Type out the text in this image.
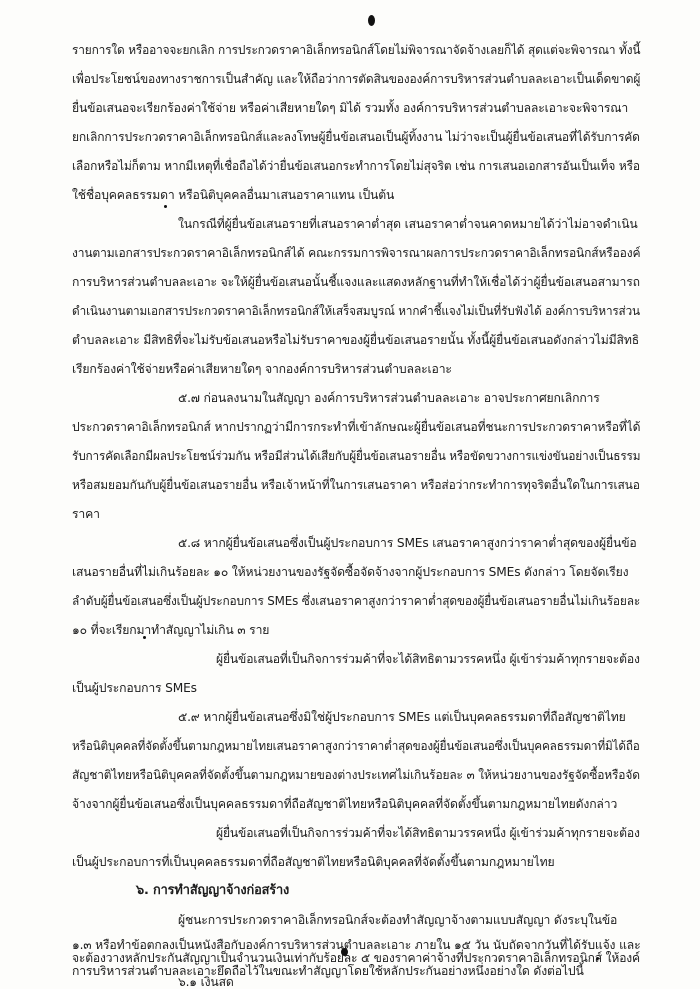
รายการใด หรืออาจจะยกเลิก การประกวดราคาอิเล็กทรอนิกส์โดยไม่พิจารณาจัดจ้างเลยก็ได้ สุดแต่จะพิจารณา ทั้งนี้
เพื่อประโยชน์ของทางราชการเป็นสำคัญ และให้ถือว่าการตัดสินขององค์การบริหารส่วนตำบลละเอาะเป็นเด็ดขาดผู้
ยื่นข้อเสนอจะเรียกร้องค่าใช้จ่าย หรือค่าเสียหายใดๆ มิได้ รวมทั้ง องค์การบริหารส่วนตำบลละเอาะจะพิจารณา
ยกเลิกการประกวดราคาอิเล็กทรอนิกส์และลงโทษผู้ยื่นข้อเสนอเป็นผู้ทิ้งงาน ไม่ว่าจะเป็นผู้ยื่นข้อเสนอที่ได้รับการคัด
เลือกหรือไม่ก็ตาม หากมีเหตุที่เชื่อถือได้ว่ายื่นข้อเสนอกระทำการโดยไม่สุจริต เช่น การเสนอเอกสารอันเป็นเท็จ หรือ
ใช้ชื่อบุคคลธรรมดา หรือนิติบุคคลอื่นมาเสนอราคาแทน เป็นต้น
ในกรณีที่ผู้ยื่นข้อเสนอรายที่เสนอราคาต่ำสุด เสนอราคาต่ำจนคาดหมายได้ว่าไม่อาจดำเนิน
งานตามเอกสารประกวดราคาอิเล็กทรอนิกส์ได้ คณะกรรมการพิจารณาผลการประกวดราคาอิเล็กทรอนิกส์หรือองค์
การบริหารส่วนตำบลละเอาะ จะให้ผู้ยื่นข้อเสนอนั้นชี้แจงและแสดงหลักฐานที่ทำให้เชื่อได้ว่าผู้ยื่นข้อเสนอสามารถ
ดำเนินงานตามเอกสารประกวดราคาอิเล็กทรอนิกส์ให้เสร็จสมบูรณ์ หากคำชี้แจงไม่เป็นที่รับฟังได้ องค์การบริหารส่วน
ตำบลละเอาะ มีสิทธิที่จะไม่รับข้อเสนอหรือไม่รับราคาของผู้ยื่นข้อเสนอรายนั้น ทั้งนี้ผู้ยื่นข้อเสนอดังกล่าวไม่มีสิทธิ
เรียกร้องค่าใช้จ่ายหรือค่าเสียหายใดๆ จากองค์การบริหารส่วนตำบลละเอาะ
๕.๗ ก่อนลงนามในสัญญา องค์การบริหารส่วนตำบลละเอาะ อาจประกาศยกเลิกการ
ประกวดราคาอิเล็กทรอนิกส์ หากปรากฏว่ามีการกระทำที่เข้าลักษณะผู้ยื่นข้อเสนอที่ชนะการประกวดราคาหรือที่ได้
รับการคัดเลือกมีผลประโยชน์ร่วมกัน หรือมีส่วนได้เสียกับผู้ยื่นข้อเสนอรายอื่น หรือขัดขวางการแข่งขันอย่างเป็นธรรม
หรือสมยอมกันกับผู้ยื่นข้อเสนอรายอื่น หรือเจ้าหน้าที่ในการเสนอราคา หรือส่อว่ากระทำการทุจริตอื่นใดในการเสนอ
ราคา
๕.๘ หากผู้ยื่นข้อเสนอซึ่งเป็นผู้ประกอบการ SMEs เสนอราคาสูงกว่าราคาต่ำสุดของผู้ยื่นข้อ
เสนอรายอื่นที่ไม่เกินร้อยละ ๑๐ ให้หน่วยงานของรัฐจัดซื้อจัดจ้างจากผู้ประกอบการ SMEs ดังกล่าว โดยจัดเรียง
ลำดับผู้ยื่นข้อเสนอซึ่งเป็นผู้ประกอบการ SMEs ซึ่งเสนอราคาสูงกว่าราคาต่ำสุดของผู้ยื่นข้อเสนอรายอื่นไม่เกินร้อยละ
๑๐ ที่จะเรียกมาทำสัญญาไม่เกิน ๓ ราย
ผู้ยื่นข้อเสนอที่เป็นกิจการร่วมค้าที่จะได้สิทธิตามวรรคหนึ่ง ผู้เข้าร่วมค้าทุกรายจะต้อง
เป็นผู้ประกอบการ SMEs
๕.๙ หากผู้ยื่นข้อเสนอซึ่งมิใช่ผู้ประกอบการ SMEs แต่เป็นบุคคลธรรมดาที่ถือสัญชาติไทย
หรือนิติบุคคลที่จัดตั้งขึ้นตามกฎหมายไทยเสนอราคาสูงกว่าราคาต่ำสุดของผู้ยื่นข้อเสนอซึ่งเป็นบุคคลธรรมดาที่มิได้ถือ
สัญชาติไทยหรือนิติบุคคลที่จัดตั้งขึ้นตามกฎหมายของต่างประเทศไม่เกินร้อยละ ๓ ให้หน่วยงานของรัฐจัดซื้อหรือจัด
จ้างจากผู้ยื่นข้อเสนอซึ่งเป็นบุคคลธรรมดาที่ถือสัญชาติไทยหรือนิติบุคคลที่จัดตั้งขึ้นตามกฎหมายไทยดังกล่าว
ผู้ยื่นข้อเสนอที่เป็นกิจการร่วมค้าที่จะได้สิทธิตามวรรคหนึ่ง ผู้เข้าร่วมค้าทุกรายจะต้อง
เป็นผู้ประกอบการที่เป็นบุคคลธรรมดาที่ถือสัญชาติไทยหรือนิติบุคคลที่จัดตั้งขึ้นตามกฎหมายไทย
๖. การทำสัญญาจ้างก่อสร้าง
ผู้ชนะการประกวดราคาอิเล็กทรอนิกส์จะต้องทำสัญญาจ้างตามแบบสัญญา ดังระบุในข้อ
๑.๓ หรือทำข้อตกลงเป็นหนังสือกับองค์การบริหารส่วนตำบลละเอาะ ภายใน ๑๕ วัน นับถัดจากวันที่ได้รับแจ้ง และ
จะต้องวางหลักประกันสัญญาเป็นจำนวนเงินเท่ากับร้อยละ ๕ ของราคาค่าจ้างที่ประกวดราคาอิเล็กทรอนิกส์ ให้องค์
การบริหารส่วนตำบลละเอาะยึดถือไว้ในขณะทำสัญญาโดยใช้หลักประกันอย่างหนึ่งอย่างใด ดังต่อไปนี้
๖.๑ เงินสด
